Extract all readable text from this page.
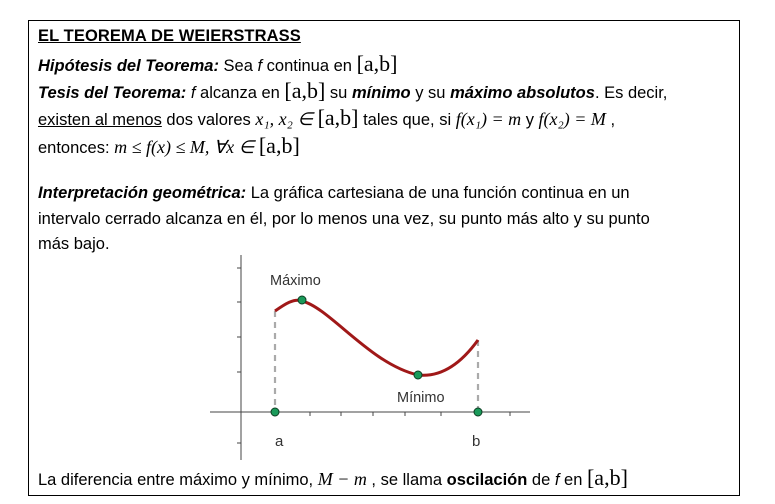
EL TEOREMA DE WEIERSTRASS
Hipótesis del Teorema: Sea f continua en [a,b]
Tesis del Teorema: f alcanza en [a,b] su mínimo y su máximo absolutos. Es decir,
existen al menos dos valores x₁, x₂ ∈ [a,b] tales que, si f(x₁) = m y f(x₂) = M ,
entonces: m ≤ f(x) ≤ M, ∀x ∈ [a,b]
Interpretación geométrica: La gráfica cartesiana de una función continua en un
intervalo cerrado alcanza en él, por lo menos una vez, su punto más alto y su punto
más bajo.
Máximo
Mínimo
a	b
La diferencia entre máximo y mínimo, M − m , se llama oscilación de f en [a,b]
